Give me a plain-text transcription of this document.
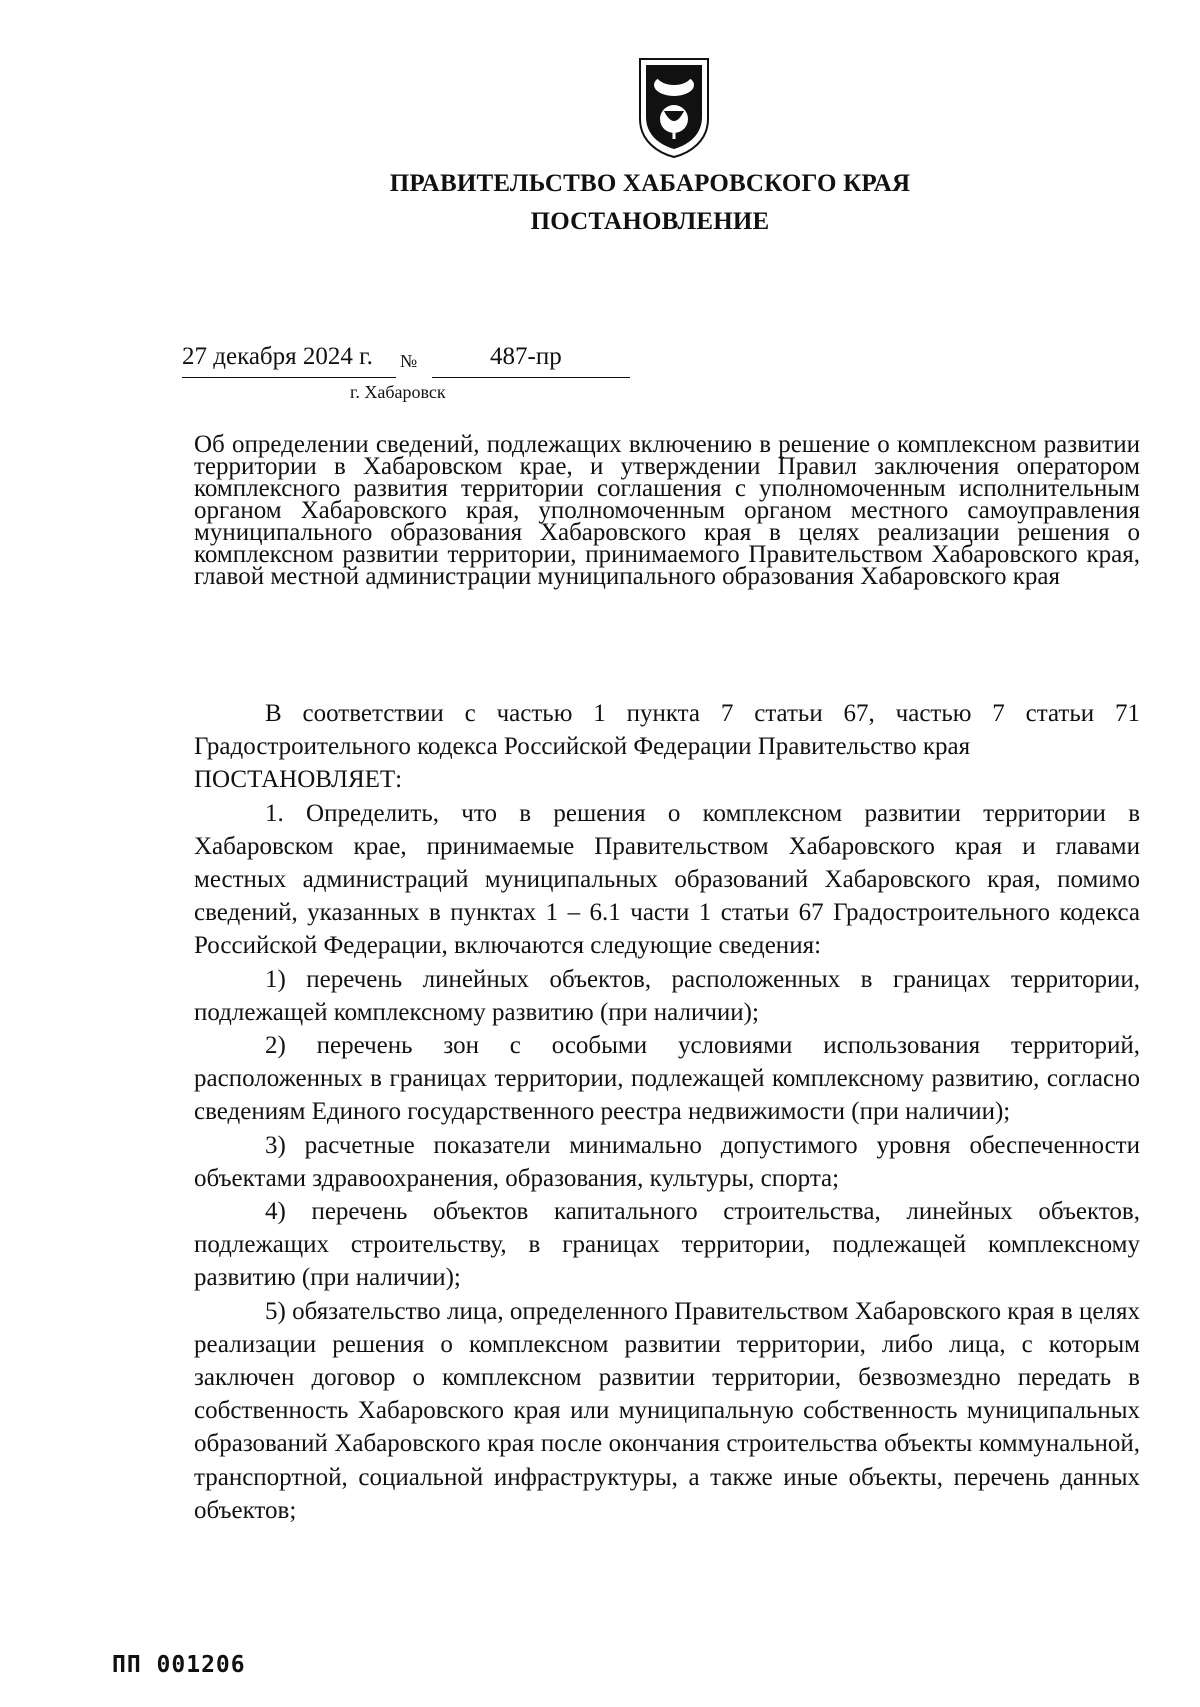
ПРАВИТЕЛЬСТВО ХАБАРОВСКОГО КРАЯ
ПОСТАНОВЛЕНИЕ
27 декабря 2024 г. №	487-пр
г. Хабаровск
Об определении сведений, подлежащих включению в решение о комплексном развитии территории в Хабаровском крае, и утверждении Правил заключения оператором комплексного развития территории соглашения с уполномоченным исполнительным органом Хабаровского края, уполномоченным органом местного самоуправления муниципального образования Хабаровского края в целях реализации решения о комплексном развитии территории, принимаемого Правительством Хабаровского края, главой местной администрации муниципального образования Хабаровского края

В соответствии с частью 1 пункта 7 статьи 67, частью 7 статьи 71 Градостроительного кодекса Российской Федерации Правительство края

ПОСТАНОВЛЯЕТ:

1. Определить, что в решения о комплексном развитии территории в Хабаровском крае, принимаемые Правительством Хабаровского края и главами местных администраций муниципальных образований Хабаровского края, помимо сведений, указанных в пунктах 1 – 6.1 части 1 статьи 67 Градостроительного кодекса Российской Федерации, включаются следующие сведения:

1) перечень линейных объектов, расположенных в границах территории, подлежащей комплексному развитию (при наличии);

2) перечень зон с особыми условиями использования территорий, расположенных в границах территории, подлежащей комплексному развитию, согласно сведениям Единого государственного реестра недвижимости (при наличии);

3) расчетные показатели минимально допустимого уровня обеспеченности объектами здравоохранения, образования, культуры, спорта;

4) перечень объектов капитального строительства, линейных объектов, подлежащих строительству, в границах территории, подлежащей комплексному развитию (при наличии);

5) обязательство лица, определенного Правительством Хабаровского края в целях реализации решения о комплексном развитии территории, либо лица, с которым заключен договор о комплексном развитии территории, безвозмездно передать в собственность Хабаровского края или муниципальную собственность муниципальных образований Хабаровского края после окончания строительства объекты коммунальной, транспортной, социальной инфраструктуры, а также иные объекты, перечень данных объектов;

ПП 001206
